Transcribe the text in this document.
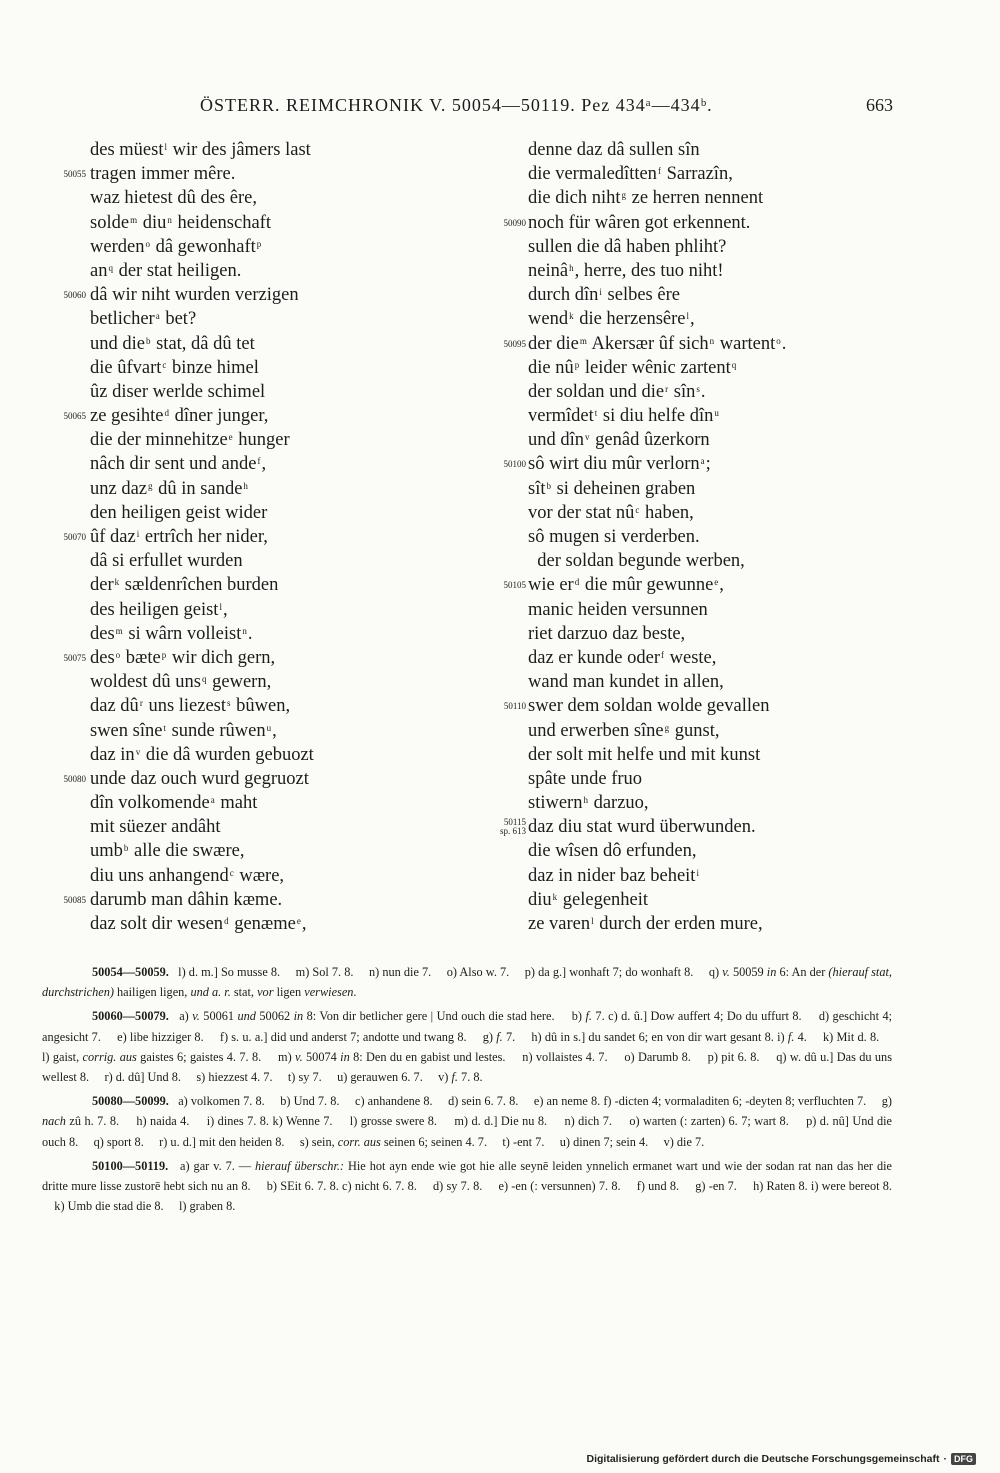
ÖSTERR. REIMCHRONIK V. 50054—50119. Pez 434ᵃ—434ᵇ.	663
des müest$^l$ wir des jâmers last
50055 tragen immer mêre.
waz hietest dû des êre,
solde$^m$ diu$^n$ heidenschaft
werden$^o$ dâ gewonhaft$^p$
$an^q$ der stat heiligen.
50060 dâ wir niht wurden verzigen
betlicher$^a$ bet?
und die$^b$ stat, dâ dû tet
die ûfvart$^c$ binze himel
ûz diser werlde schimel
50065 ze gesihte$^d$ dîner junger,
die der minnehitze$^e$ hunger
nâch dir sent und ande$^f$,
unz daz$^g$ dû in sande$^h$
den heiligen geist wider
50070 ûf daz$^i$ ertrîch her nider,
dâ si erfullet wurden
der$^k$ sældenrîchen burden
des heiligen geist$^l$,
des$^m$ si wârn volleist$^n$.
50075 des$^o$ bæte$^p$ wir dich gern,
woldest dû uns$^q$ gewern,
daz $dû^r$ uns liezest$^s$ bûwen,
swen sîne$^t$ sunde rûwen$^u$,
daz $in^v$ die dâ wurden gebuozt
50080 unde daz ouch wurd gegruozt
dîn volkomende$^a$ maht
mit süezer andâht
umb$^b$ alle die swære,
diu uns anhangend$^c$ wære,
50085 darumb man dâhin kæme.
daz solt dir wesen$^d$ genæme$^e$,
denne daz dâ sullen sîn
die vermaledîtten$^f$ Sarrazîn,
die dich niht$^g$ ze herren nennent
50090 noch für wâren got erkennent.
sullen die dâ haben phliht?
neinâ$^h$, herre, des tuo niht!
durch dîn$^i$ selbes êre
wend$^k$ die herzensêre$^l$,
50095 der die$^m$ Akersær ûf sich$^n$ wartent$^o$.
die $nû^p$ leider wênic zartent$^q$
der soldan und die$^r$ sîn$^s$.
vermîdet$^t$ si diu helfe dîn$^u$
und dîn$^v$ genâd ûzerkorn
50100 sô wirt diu mûr verlorn$^a$;
sît$^b$ si deheinen graben
vor der stat $nû^c$ haben,
sô mugen si verderben.
der soldan begunde werben,
50105 wie $er^d$ die mûr gewunne$^e$,
manic heiden versunnen
riet darzuo daz beste,
daz er kunde oder$^f$ weste,
wand man kundet in allen,
50110 swer dem soldan wolde gevallen
und erwerben sîne$^g$ gunst,
der solt mit helfe und mit kunst
spâte unde fruo
stiwern$^h$ darzuo,
50115
sp. 613 daz diu stat wurd überwunden.
die wîsen dô erfunden,
daz in nider baz beheit$^i$
diu$^k$ gelegenheit
ze varen$^l$ durch der erden mure,
50054—50059.   l) d. m.] So musse 8.     m) Sol 7. 8.     n) nun die 7.     o) Also w. 7.     p) da g.] wonhaft 7; do wonhaft 8.     q) v. 50059 in 6: An der (hierauf stat, durchstrichen) hailigen ligen, und a. r. stat, vor ligen verwiesen.
50060—50079.   a) v. 50061 und 50062 in 8: Von dir betlicher gere | Und ouch die stad here.     b) f. 7. c) d. û.] Dow auffert 4; Do du uffurt 8.     d) geschicht 4; angesicht 7.     e) libe hizziger 8.     f) s. u. a.] did und anderst 7; andotte und twang 8.     g) f. 7.     h) dû in s.] du sandet 6; en von dir wart gesant 8. i) f. 4.     k) Mit d. 8.     l) gaist, corrig. aus gaistes 6; gaistes 4. 7. 8.     m) v. 50074 in 8: Den du en gabist und lestes.     n) vollaistes 4. 7.     o) Darumb 8.     p) pit 6. 8.     q) w. dû u.] Das du uns wellest 8.     r) d. dû] Und 8.     s) hiezzest 4. 7.     t) sy 7.     u) gerauwen 6. 7.     v) f. 7. 8.
50080—50099.   a) volkomen 7. 8.     b) Und 7. 8.     c) anhandene 8.     d) sein 6. 7. 8.     e) an neme 8. f) -dicten 4; vormaladiten 6; -deyten 8; verfluchten 7.     g) nach zû h. 7. 8.     h) naida 4.     i) dines 7. 8. k) Wenne 7.     l) grosse swere 8.     m) d. d.] Die nu 8.     n) dich 7.     o) warten (: zarten) 6. 7; wart 8.     p) d. nû] Und die ouch 8.     q) sport 8.     r) u. d.] mit den heiden 8.     s) sein, corr. aus seinen 6; seinen 4. 7.     t) -ent 7.     u) dinen 7; sein 4.     v) die 7.
50100—50119.   a) gar v. 7. — hierauf überschr.: Hie hot ayn ende wie got hie alle seynē leiden ynnelich ermanet wart und wie der sodan rat nan das her die dritte mure lisse zustorē hebt sich nu an 8.     b) SEit 6. 7. 8. c) nicht 6. 7. 8.     d) sy 7. 8.     e) -en (: versunnen) 7. 8.     f) und 8.     g) -en 7.     h) Raten 8. i) were bereot 8.     k) Umb die stad die 8.     l) graben 8.
Digitalisierung gefördert durch die Deutsche Forschungsgemeinschaft · DFG
